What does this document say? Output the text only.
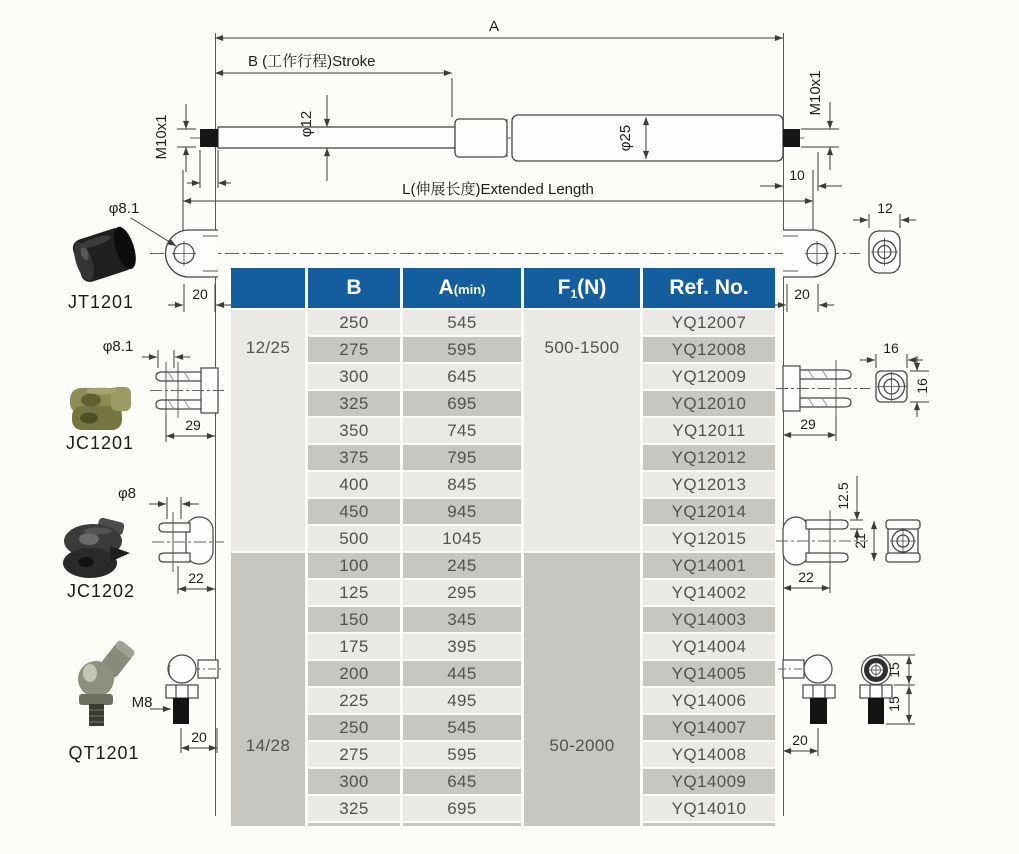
A
B (工作行程)Stroke
φ12
φ25
M10x1
M10x1
10
L(伸展长度)Extended Length
20	20
12
JT1201
φ8.1
JC1201
φ8.1
29	29
16
16
JC1202
φ8
22
12.5
21
22
QT1201
M8
20	20
15
15
	B	A(min)	F1(N)	Ref. No.

12/25	250	545	500-1500	YQ12007
	275	595		YQ12008
	300	645		YQ12009
	325	695		YQ12010
	350	745		YQ12011
	375	795		YQ12012
	400	845		YQ12013
	450	945		YQ12014
	500	1045		YQ12015

14/28	100	245	50-2000	YQ14001
	125	295		YQ14002
	150	345		YQ14003
	175	395		YQ14004
	200	445		YQ14005
	225	495		YQ14006
	250	545		YQ14007
	275	595		YQ14008
	300	645		YQ14009
	325	695		YQ14010
